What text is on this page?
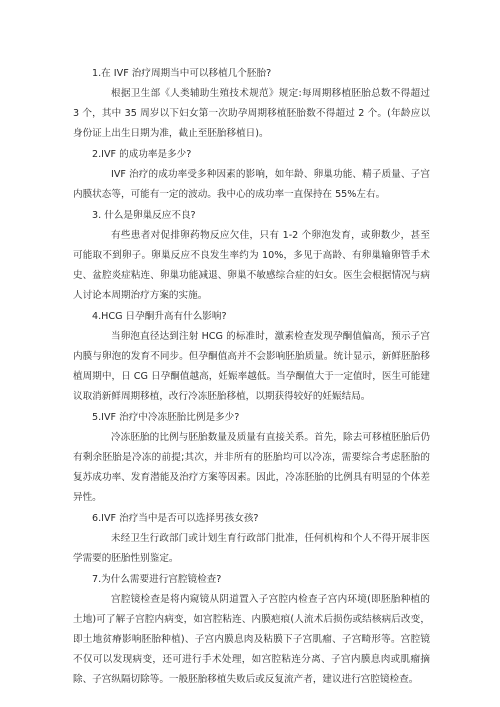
1.在 IVF 治疗周期当中可以移植几个胚胎?

根据卫生部《人类辅助生殖技术规范》规定:每周期移植胚胎总数不得超过 3 个，其中 35 周岁以下妇女第一次助孕周期移植胚胎数不得超过 2 个。(年龄应以身份证上出生日期为准，截止至胚胎移植日)。

2.IVF 的成功率是多少?

IVF 治疗的成功率受多种因素的影响，如年龄、卵巢功能、精子质量、子宫内膜状态等，可能有一定的波动。我中心的成功率一直保持在 55%左右。

3. 什么是卵巢反应不良?

有些患者对促排卵药物反应欠佳，只有 1-2 个卵泡发育，或卵数少，甚至可能取不到卵子。卵巢反应不良发生率约为 10%，多见于高龄、有卵巢输卵管手术史、盆腔炎症粘连、卵巢功能减退、卵巢不敏感综合症的妇女。医生会根据情况与病人讨论本周期治疗方案的实施。

4.HCG 日孕酮升高有什么影响?

当卵泡直径达到注射 HCG 的标准时，激素检查发现孕酮值偏高，预示子宫内膜与卵泡的发育不同步。但孕酮值高并不会影响胚胎质量。统计显示，新鲜胚胎移植周期中，日 CG 日孕酮值越高，妊娠率越低。当孕酮值大于一定值时，医生可能建议取消新鲜周期移植，改行冷冻胚胎移植，以期获得较好的妊娠结局。

5.IVF 治疗中冷冻胚胎比例是多少?

冷冻胚胎的比例与胚胎数量及质量有直接关系。首先，除去可移植胚胎后仍有剩余胚胎是冷冻的前提;其次，并非所有的胚胎均可以冷冻，需要综合考虑胚胎的复苏成功率、发育潜能及治疗方案等因素。因此，冷冻胚胎的比例具有明显的个体差异性。

6.IVF 治疗当中是否可以选择男孩女孩?

未经卫生行政部门或计划生育行政部门批准，任何机构和个人不得开展非医学需要的胚胎性别鉴定。

7.为什么需要进行宫腔镜检查?

宫腔镜检查是将内窥镜从阴道置入子宫腔内检查子宫内环境(即胚胎种植的土地)可了解子宫腔内病变，如宫腔粘连、内膜疤痕(人流术后损伤或结核病后改变，即土地贫瘠影响胚胎种植)、子宫内膜息肉及粘膜下子宫肌瘤、子宫畸形等。宫腔镜不仅可以发现病变，还可进行手术处理，如宫腔粘连分离、子宫内膜息肉或肌瘤摘除、子宫纵隔切除等。一般胚胎移植失败后或反复流产者，建议进行宫腔镜检查。
